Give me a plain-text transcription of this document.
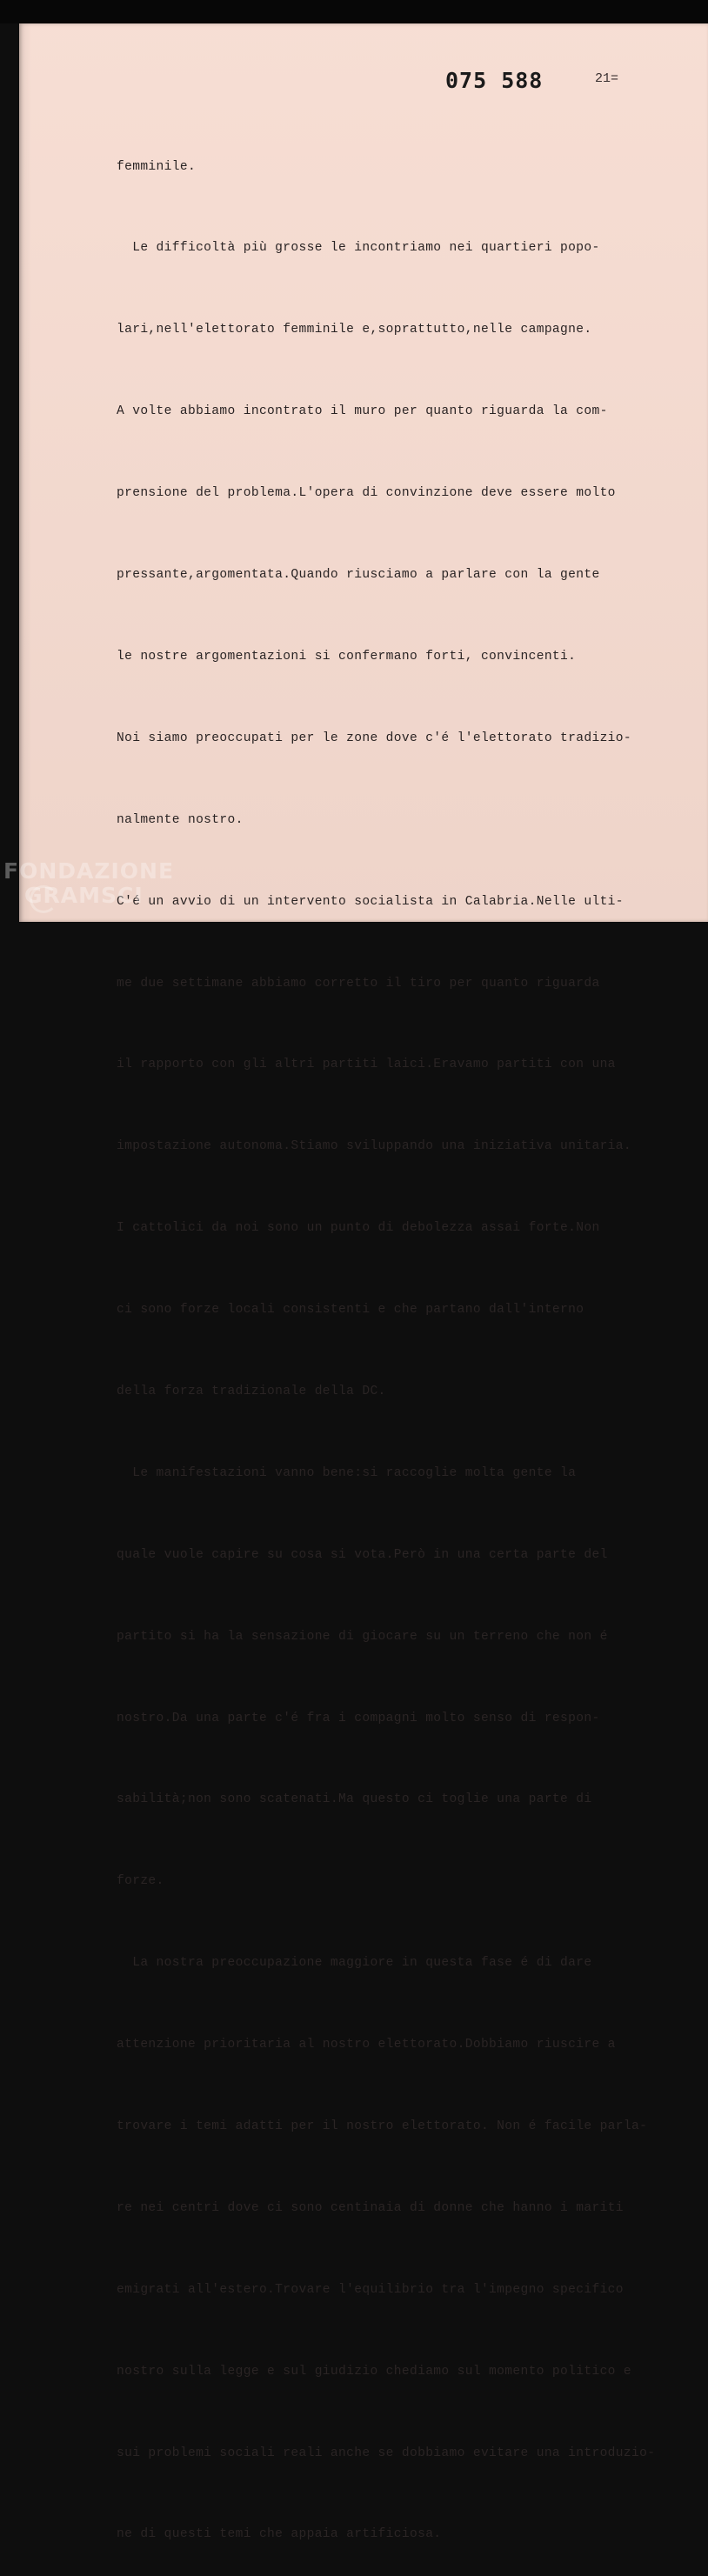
075 588	21=

femminile.

Le difficoltà più grosse le incontriamo nei quartieri popo-

lari,nell'elettorato femminile e,soprattutto,nelle campagne.

A volte abbiamo incontrato il muro per quanto riguarda la com-

prensione del problema.L'opera di convinzione deve essere molto

pressante,argomentata.Quando riusciamo a parlare con la gente

le nostre argomentazioni si confermano forti, convincenti.

Noi siamo preoccupati per le zone dove c'é l'elettorato tradizio-

nalmente nostro.

C'é un avvio di un intervento socialista in Calabria.Nelle ulti-

me due settimane abbiamo corretto il tiro per quanto riguarda

il rapporto con gli altri partiti laici.Eravamo partiti con una

impostazione autonoma.Stiamo sviluppando una iniziativa unitaria.

I cattolici da noi sono un punto di debolezza assai forte.Non

ci sono forze locali consistenti e che partano dall'interno

della forza tradizionale della DC.

Le manifestazioni vanno bene:si raccoglie molta gente la

quale vuole capire su cosa si vota.Però in una certa parte del

partito si ha la sensazione di giocare su un terreno che non é

nostro.Da una parte c'é fra i compagni molto senso di respon-

sabilità;non sono scatenati.Ma questo ci toglie una parte di

forze.

La nostra preoccupazione maggiore in questa fase é di dare

attenzione prioritaria al nostro elettorato.Dobbiamo riuscire a

trovare i temi adatti per il nostro elettorato. Non é facile parla-

re nei centri dove ci sono centinaia di donne che hanno i mariti

emigrati all'estero.Trovare l'equilibrio tra l'impegno specifico

nostro sulla legge e sul giudizio chediamo sul momento politico e

sui problemi sociali reali anche se dobbiamo evitare una introduzio-

ne di questi temi che appaia artificiosa.

FONDAZIONE
GRAMSCI
